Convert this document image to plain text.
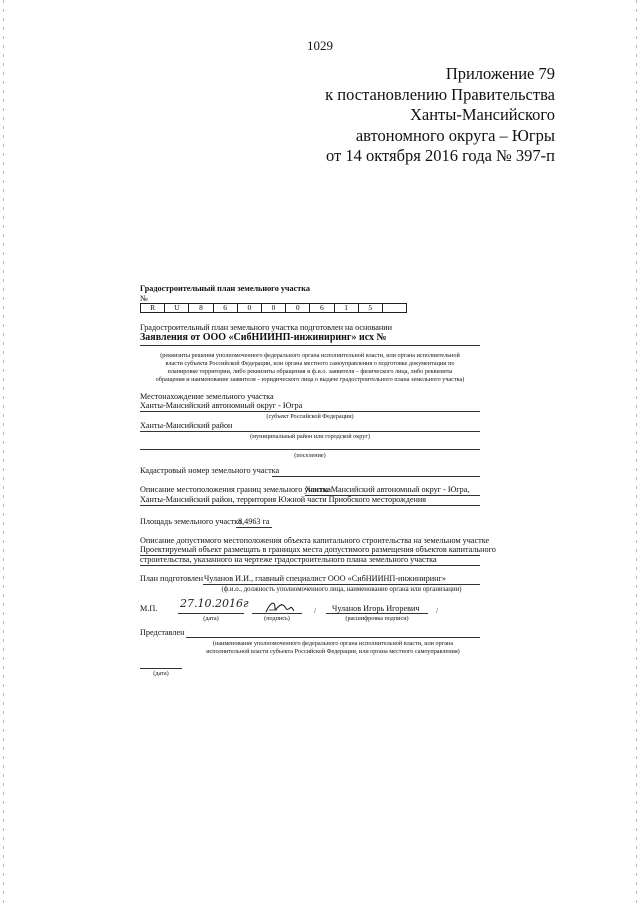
1029
Приложение 79
к постановлению Правительства
Ханты-Мансийского
автономного округа – Югры
от 14 октября 2016 года № 397-п
Градостроительный план земельного участка
№
R	U	8	6	0	0	0	6	1	5	
Градостроительный план земельного участка подготовлен на основании
Заявления от ООО «СибНИИНП-инжиниринг» исх №
(реквизиты решения уполномоченного федерального органа исполнительной власти, или органа исполнительной
власти субъекта Российской Федерации, или органа местного самоуправления о подготовке документации по
планировке территории, либо реквизиты обращения и ф.и.о. заявителя – физического лица, либо реквизиты
обращения и наименование заявителя – юридического лица о выдаче градостроительного плана земельного участка)
Местонахождение земельного участка
Ханты-Мансийский автономный округ - Югра
(субъект Российской Федерации)
Ханты-Мансийский район
(муниципальный район или городской округ)
(поселение)
Кадастровый номер земельного участка
Описание местоположения границ земельного участка
Ханты-Мансийский автономный округ - Югра,
Ханты-Мансийский район, территория Южной части Приобского месторождения
Площадь земельного участка
8,4963 га
Описание допустимого местоположения объекта капитального строительства на земельном участке
Проектируемый объект размещать в границах места допустимого размещения объектов капитального
строительства, указанного на чертеже градостроительного плана земельного участка
План подготовлен Чуланов И.И., главный специалист ООО «СибНИИНП-инжиниринг»
(ф.и.о., должность уполномоченного лица, наименование органа или организации)
М.П. 27.10.2016г
(дата)	(подпись)
/ Чуланов Игорь Игоревич
(расшифровка подписи)
/
Представлен
(наименование уполномоченного федерального органа исполнительной власти, или органа
исполнительной власти субъекта Российской Федерации, или органа местного самоуправления)
(дата)
